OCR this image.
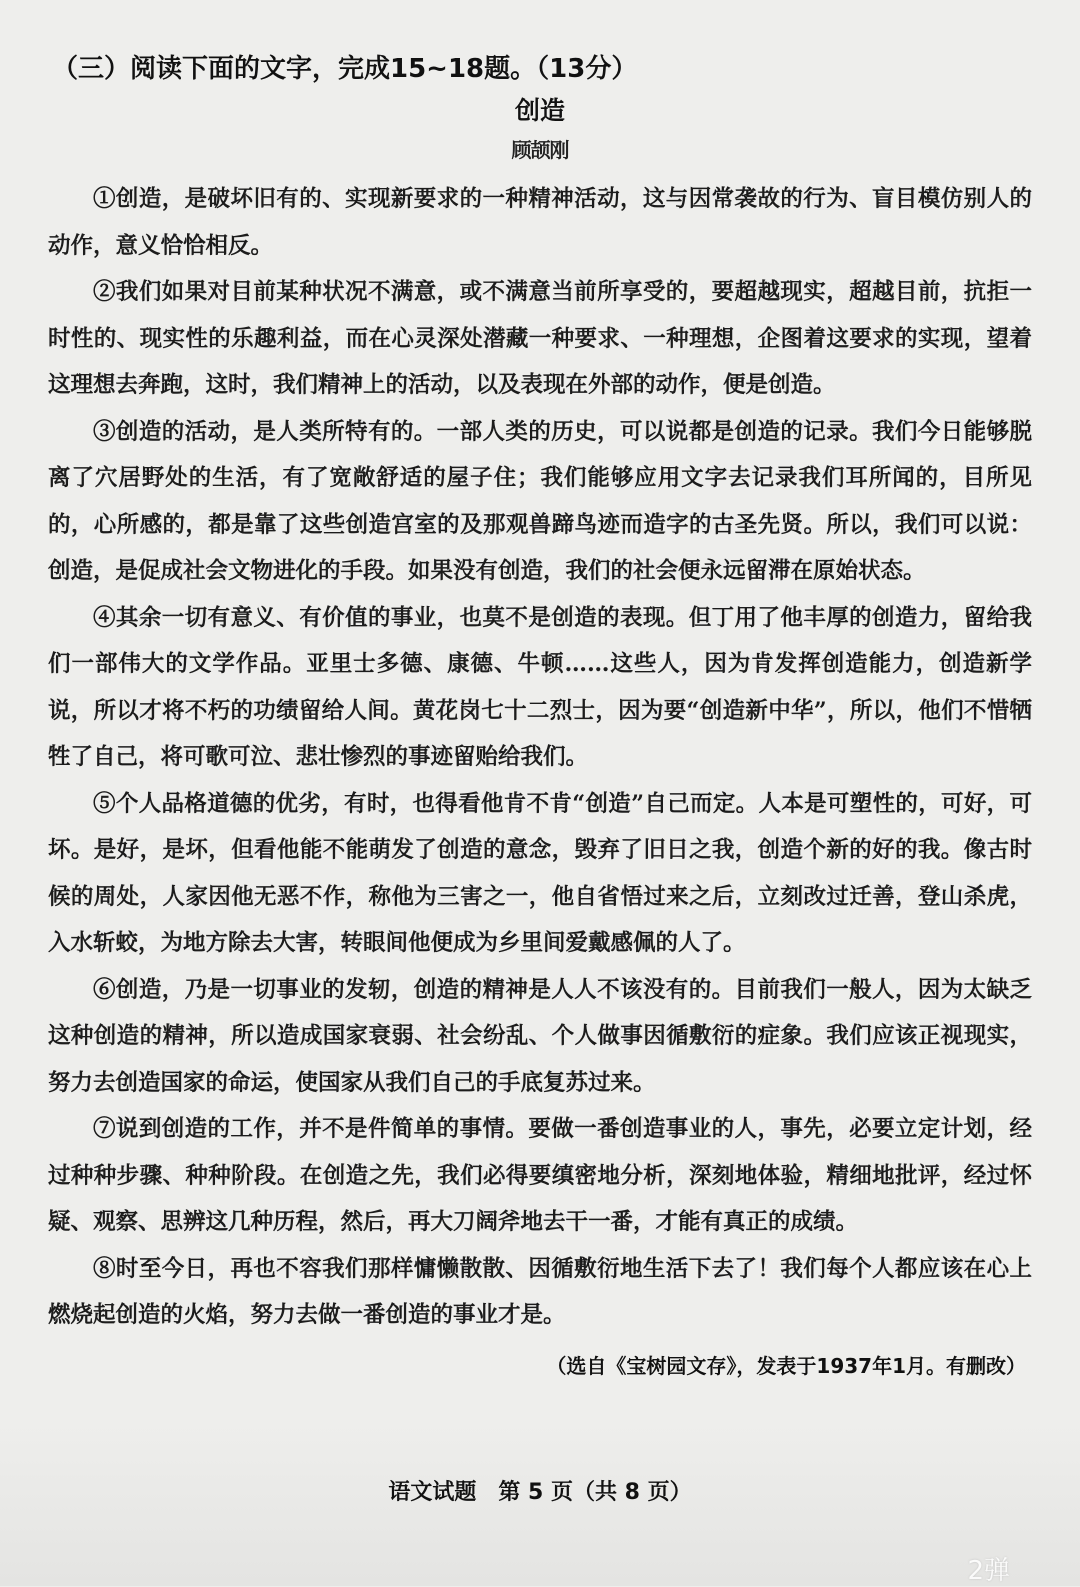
（三）阅读下面的文字，完成15~18题。（13分）
创造
顾颉刚

①创造，是破坏旧有的、实现新要求的一种精神活动，这与因常袭故的行为、盲目模仿别人的动作，意义恰恰相反。

②我们如果对目前某种状况不满意，或不满意当前所享受的，要超越现实，超越目前，抗拒一时性的、现实性的乐趣利益，而在心灵深处潜藏一种要求、一种理想，企图着这要求的实现，望着这理想去奔跑，这时，我们精神上的活动，以及表现在外部的动作，便是创造。

③创造的活动，是人类所特有的。一部人类的历史，可以说都是创造的记录。我们今日能够脱离了穴居野处的生活，有了宽敞舒适的屋子住；我们能够应用文字去记录我们耳所闻的，目所见的，心所感的，都是靠了这些创造宫室的及那观兽蹄鸟迹而造字的古圣先贤。所以，我们可以说：创造，是促成社会文物进化的手段。如果没有创造，我们的社会便永远留滞在原始状态。

④其余一切有意义、有价值的事业，也莫不是创造的表现。但丁用了他丰厚的创造力，留给我们一部伟大的文学作品。亚里士多德、康德、牛顿……这些人，因为肯发挥创造能力，创造新学说，所以才将不朽的功绩留给人间。黄花岗七十二烈士，因为要“创造新中华”，所以，他们不惜牺牲了自己，将可歌可泣、悲壮惨烈的事迹留贻给我们。

⑤个人品格道德的优劣，有时，也得看他肯不肯“创造”自己而定。人本是可塑性的，可好，可坏。是好，是坏，但看他能不能萌发了创造的意念，毁弃了旧日之我，创造个新的好的我。像古时候的周处，人家因他无恶不作，称他为三害之一，他自省悟过来之后，立刻改过迁善，登山杀虎，入水斩蛟，为地方除去大害，转眼间他便成为乡里间爱戴感佩的人了。

⑥创造，乃是一切事业的发轫，创造的精神是人人不该没有的。目前我们一般人，因为太缺乏这种创造的精神，所以造成国家衰弱、社会纷乱、个人做事因循敷衍的症象。我们应该正视现实，努力去创造国家的命运，使国家从我们自己的手底复苏过来。

⑦说到创造的工作，并不是件简单的事情。要做一番创造事业的人，事先，必要立定计划，经过种种步骤、种种阶段。在创造之先，我们必得要缜密地分析，深刻地体验，精细地批评，经过怀疑、观察、思辨这几种历程，然后，再大刀阔斧地去干一番，才能有真正的成绩。

⑧时至今日，再也不容我们那样慵懒散散、因循敷衍地生活下去了！我们每个人都应该在心上燃烧起创造的火焰，努力去做一番创造的事业才是。

（选自《宝树园文存》，发表于1937年1月。有删改）
语文试题　第 5 页（共 8 页）
2弹
